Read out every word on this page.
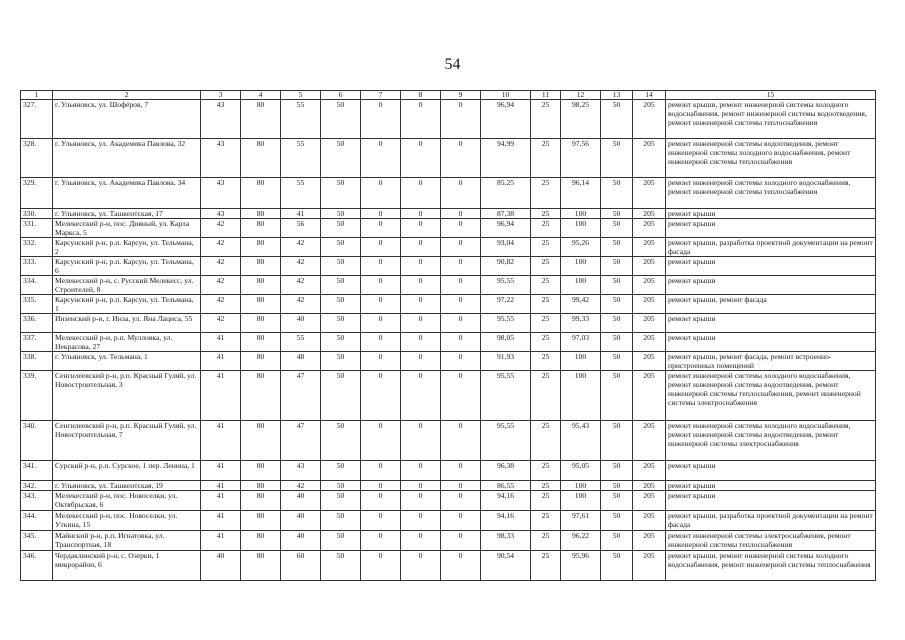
54
1	2	3	4	5	6	7	8	9	10	11	12	13	14	15
327.	г. Ульяновск, ул. Шофёров, 7	43	80	55	50	0	0	0	96,94	25	98,25	50	205	ремонт крыши, ремонт инженерной системы холодного водоснабжения, ремонт инженерной системы водоотведения, ремонт инженерной системы теплоснабжения
328.	г. Ульяновск, ул. Академика Павлова, 32	43	80	55	50	0	0	0	94,99	25	97,56	50	205	ремонт инженерной системы водоотведения, ремонт инженерной системы холодного водоснабжения, ремонт инженерной системы теплоснабжения
329.	г. Ульяновск, ул. Академика Павлова, 34	43	80	55	50	0	0	0	85,25	25	96,14	50	205	ремонт инженерной системы холодного водоснабжения, ремонт инженерной системы теплоснабжения
330.	г. Ульяновск, ул. Ташкентская, 17	43	80	41	50	0	0	0	87,38	25	100	50	205	ремонт крыши
331.	Мелекесский р-н, пос. Дивный, ул. Карла Маркса, 5	42	80	56	50	0	0	0	96,94	25	100	50	205	ремонт крыши
332.	Карсунский р-н, р.п. Карсун, ул. Тельмана, 2	42	80	42	50	0	0	0	93,04	25	95,26	50	205	ремонт крыши, разработка проектной документации на ремонт фасада
333.	Карсунский р-н, р.п. Карсун, ул. Тельмана, 6	42	80	42	50	0	0	0	90,82	25	100	50	205	ремонт крыши
334.	Мелекесский р-н, с. Русский Мелекесс, ул. Строителей, 8	42	80	42	50	0	0	0	95,55	25	100	50	205	ремонт крыши
335.	Карсунский р-н, р.п. Карсун, ул. Тельмана, 1	42	80	42	50	0	0	0	97,22	25	99,42	50	205	ремонт крыши, ремонт фасада
336.	Инзенский р-н, г. Инза, ул. Яна Лациса, 55	42	80	40	50	0	0	0	95,55	25	99,33	50	205	ремонт крыши
337.	Мелекесский р-н, р.п. Мулловка, ул. Некрасова, 27	41	80	55	50	0	0	0	98,05	25	97,03	50	205	ремонт крыши
338.	г. Ульяновск, ул. Тельмана, 1	41	80	48	50	0	0	0	91,93	25	100	50	205	ремонт крыши, ремонт фасада, ремонт встроенно-пристроенных помещений
339.	Сенгилеевский р-н, р.п. Красный Гуляй, ул. Новостроительная, 3	41	80	47	50	0	0	0	95,55	25	100	50	205	ремонт инженерной системы холодного водоснабжения, ремонт инженерной системы водоотведения, ремонт инженерной системы теплоснабжения, ремонт инженерной системы электроснабжения
340.	Сенгилеевский р-н, р.п. Красный Гуляй, ул. Новостроительная, 7	41	80	47	50	0	0	0	95,55	25	95,43	50	205	ремонт инженерной системы холодного водоснабжения, ремонт инженерной системы водоотведения, ремонт инженерной системы электроснабжения
341.	Сурский р-н, р.п. Сурское, 1 пер. Ленина, 1	41	80	43	50	0	0	0	96,38	25	95,05	50	205	ремонт крыши
342.	г. Ульяновск, ул. Ташкентская, 19	41	80	42	50	0	0	0	86,55	25	100	50	205	ремонт крыши
343.	Мелекесский р-н, пос. Новоселки, ул. Октябрьская, 6	41	80	40	50	0	0	0	94,16	25	100	50	205	ремонт крыши
344.	Мелекесский р-н, пос. Новоселки, ул. Уткина, 15	41	80	40	50	0	0	0	94,16	25	97,61	50	205	ремонт крыши, разработка проектной документации на ремонт фасада
345.	Майнский р-н, р.п. Игнатовка, ул. Транспортная, 18	41	80	40	50	0	0	0	98,33	25	96,22	50	205	ремонт инженерной системы электроснабжения, ремонт инженерной системы теплоснабжения
346.	Чердаклинский р-н, с. Озерки, 1 микрорайон, 6	40	80	60	50	0	0	0	90,54	25	95,96	50	205	ремонт крыши, ремонт инженерной системы холодного водоснабжения, ремонт инженерной системы теплоснабжения
